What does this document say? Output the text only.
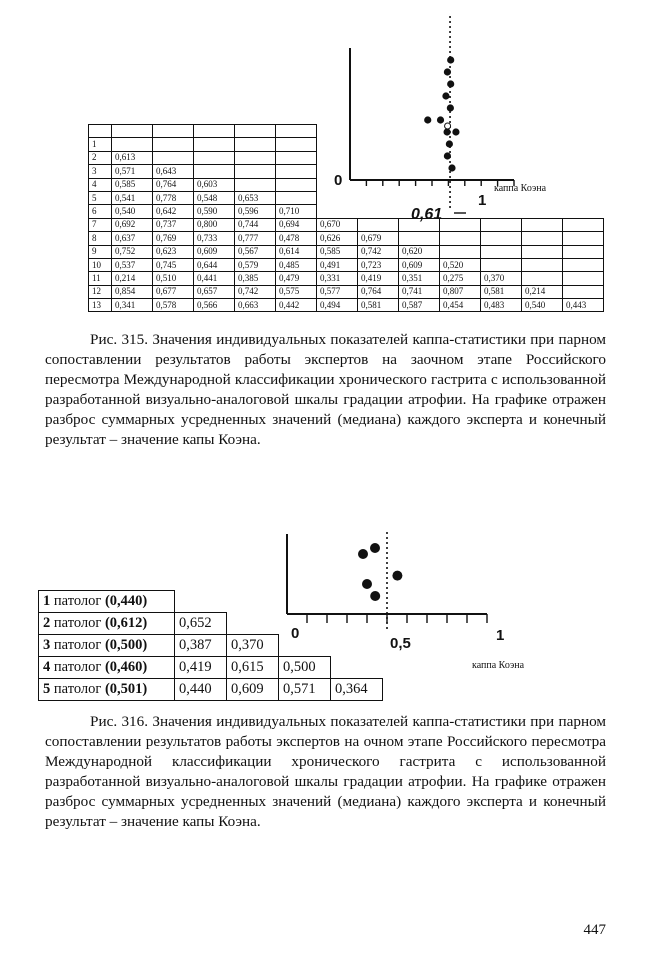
0
1
каппа Коэна
0,61

1												
2	0,613											
3	0,571	0,643										
4	0,585	0,764	0,603									
5	0,541	0,778	0,548	0,653								
6	0,540	0,642	0,590	0,596	0,710							
7	0,692	0,737	0,800	0,744	0,694	0,670						
8	0,637	0,769	0,733	0,777	0,478	0,626	0,679					
9	0,752	0,623	0,609	0,567	0,614	0,585	0,742	0,620				
10	0,537	0,745	0,644	0,579	0,485	0,491	0,723	0,609	0,520			
11	0,214	0,510	0,441	0,385	0,479	0,331	0,419	0,351	0,275	0,370		
12	0,854	0,677	0,657	0,742	0,575	0,577	0,764	0,741	0,807	0,581	0,214	
13	0,341	0,578	0,566	0,663	0,442	0,494	0,581	0,587	0,454	0,483	0,540	0,443

Рис. 315. Значения индивидуальных показателей каппа-статистики при парном сопоставлении результатов работы экспертов на заочном этапе Российского пересмотра Международной классификации хронического гастрита с использованной разработанной визуально-аналоговой шкалы градации атрофии. На графике отражен разброс суммарных усредненных значений (медиана) каждого эксперта и конечный результат – значение капы Коэна.

0
0,5	1
каппа Коэна
1 патолог (0,440)				
2 патолог (0,612)	0,652			
3 патолог (0,500)	0,387	0,370		
4 патолог (0,460)	0,419	0,615	0,500	
5 патолог (0,501)	0,440	0,609	0,571	0,364

Рис. 316. Значения индивидуальных показателей каппа-статистики при парном сопоставлении результатов работы экспертов на очном этапе Российского пересмотра Международной классификации хронического гастрита с использованной разработанной визуально-аналоговой шкалы градации атрофии. На графике отражен разброс суммарных усредненных значений (медиана) каждого эксперта и конечный результат – значение капы Коэна.

447
